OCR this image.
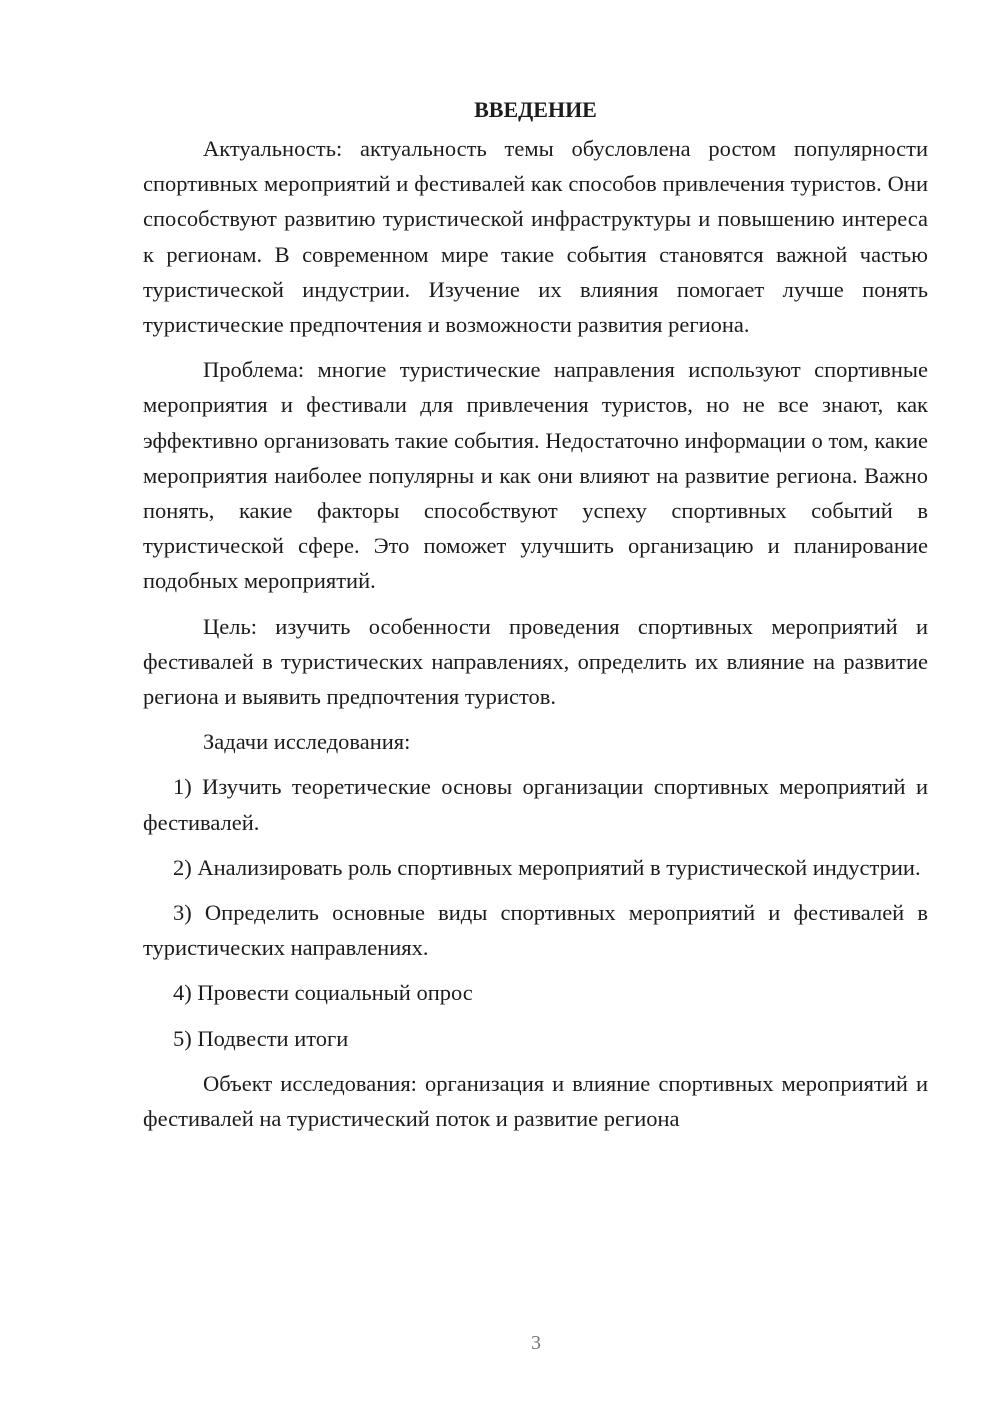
ВВЕДЕНИЕ

Актуальность: актуальность темы обусловлена ростом популярности спортивных мероприятий и фестивалей как способов привлечения туристов. Они способствуют развитию туристической инфраструктуры и повышению интереса к регионам. В современном мире такие события становятся важной частью туристической индустрии. Изучение их влияния помогает лучше понять туристические предпочтения и возможности развития региона.

Проблема: многие туристические направления используют спортивные мероприятия и фестивали для привлечения туристов, но не все знают, как эффективно организовать такие события. Недостаточно информации о том, какие мероприятия наиболее популярны и как они влияют на развитие региона. Важно понять, какие факторы способствуют успеху спортивных событий в туристической сфере. Это поможет улучшить организацию и планирование подобных мероприятий.

Цель: изучить особенности проведения спортивных мероприятий и фестивалей в туристических направлениях, определить их влияние на развитие региона и выявить предпочтения туристов.

Задачи исследования:

1) Изучить теоретические основы организации спортивных мероприятий и фестивалей.

2) Анализировать роль спортивных мероприятий в туристической индустрии.

3) Определить основные виды спортивных мероприятий и фестивалей в туристических направлениях.

4) Провести социальный опрос

5) Подвести итоги

Объект исследования: организация и влияние спортивных мероприятий и фестивалей на туристический поток и развитие региона

3
